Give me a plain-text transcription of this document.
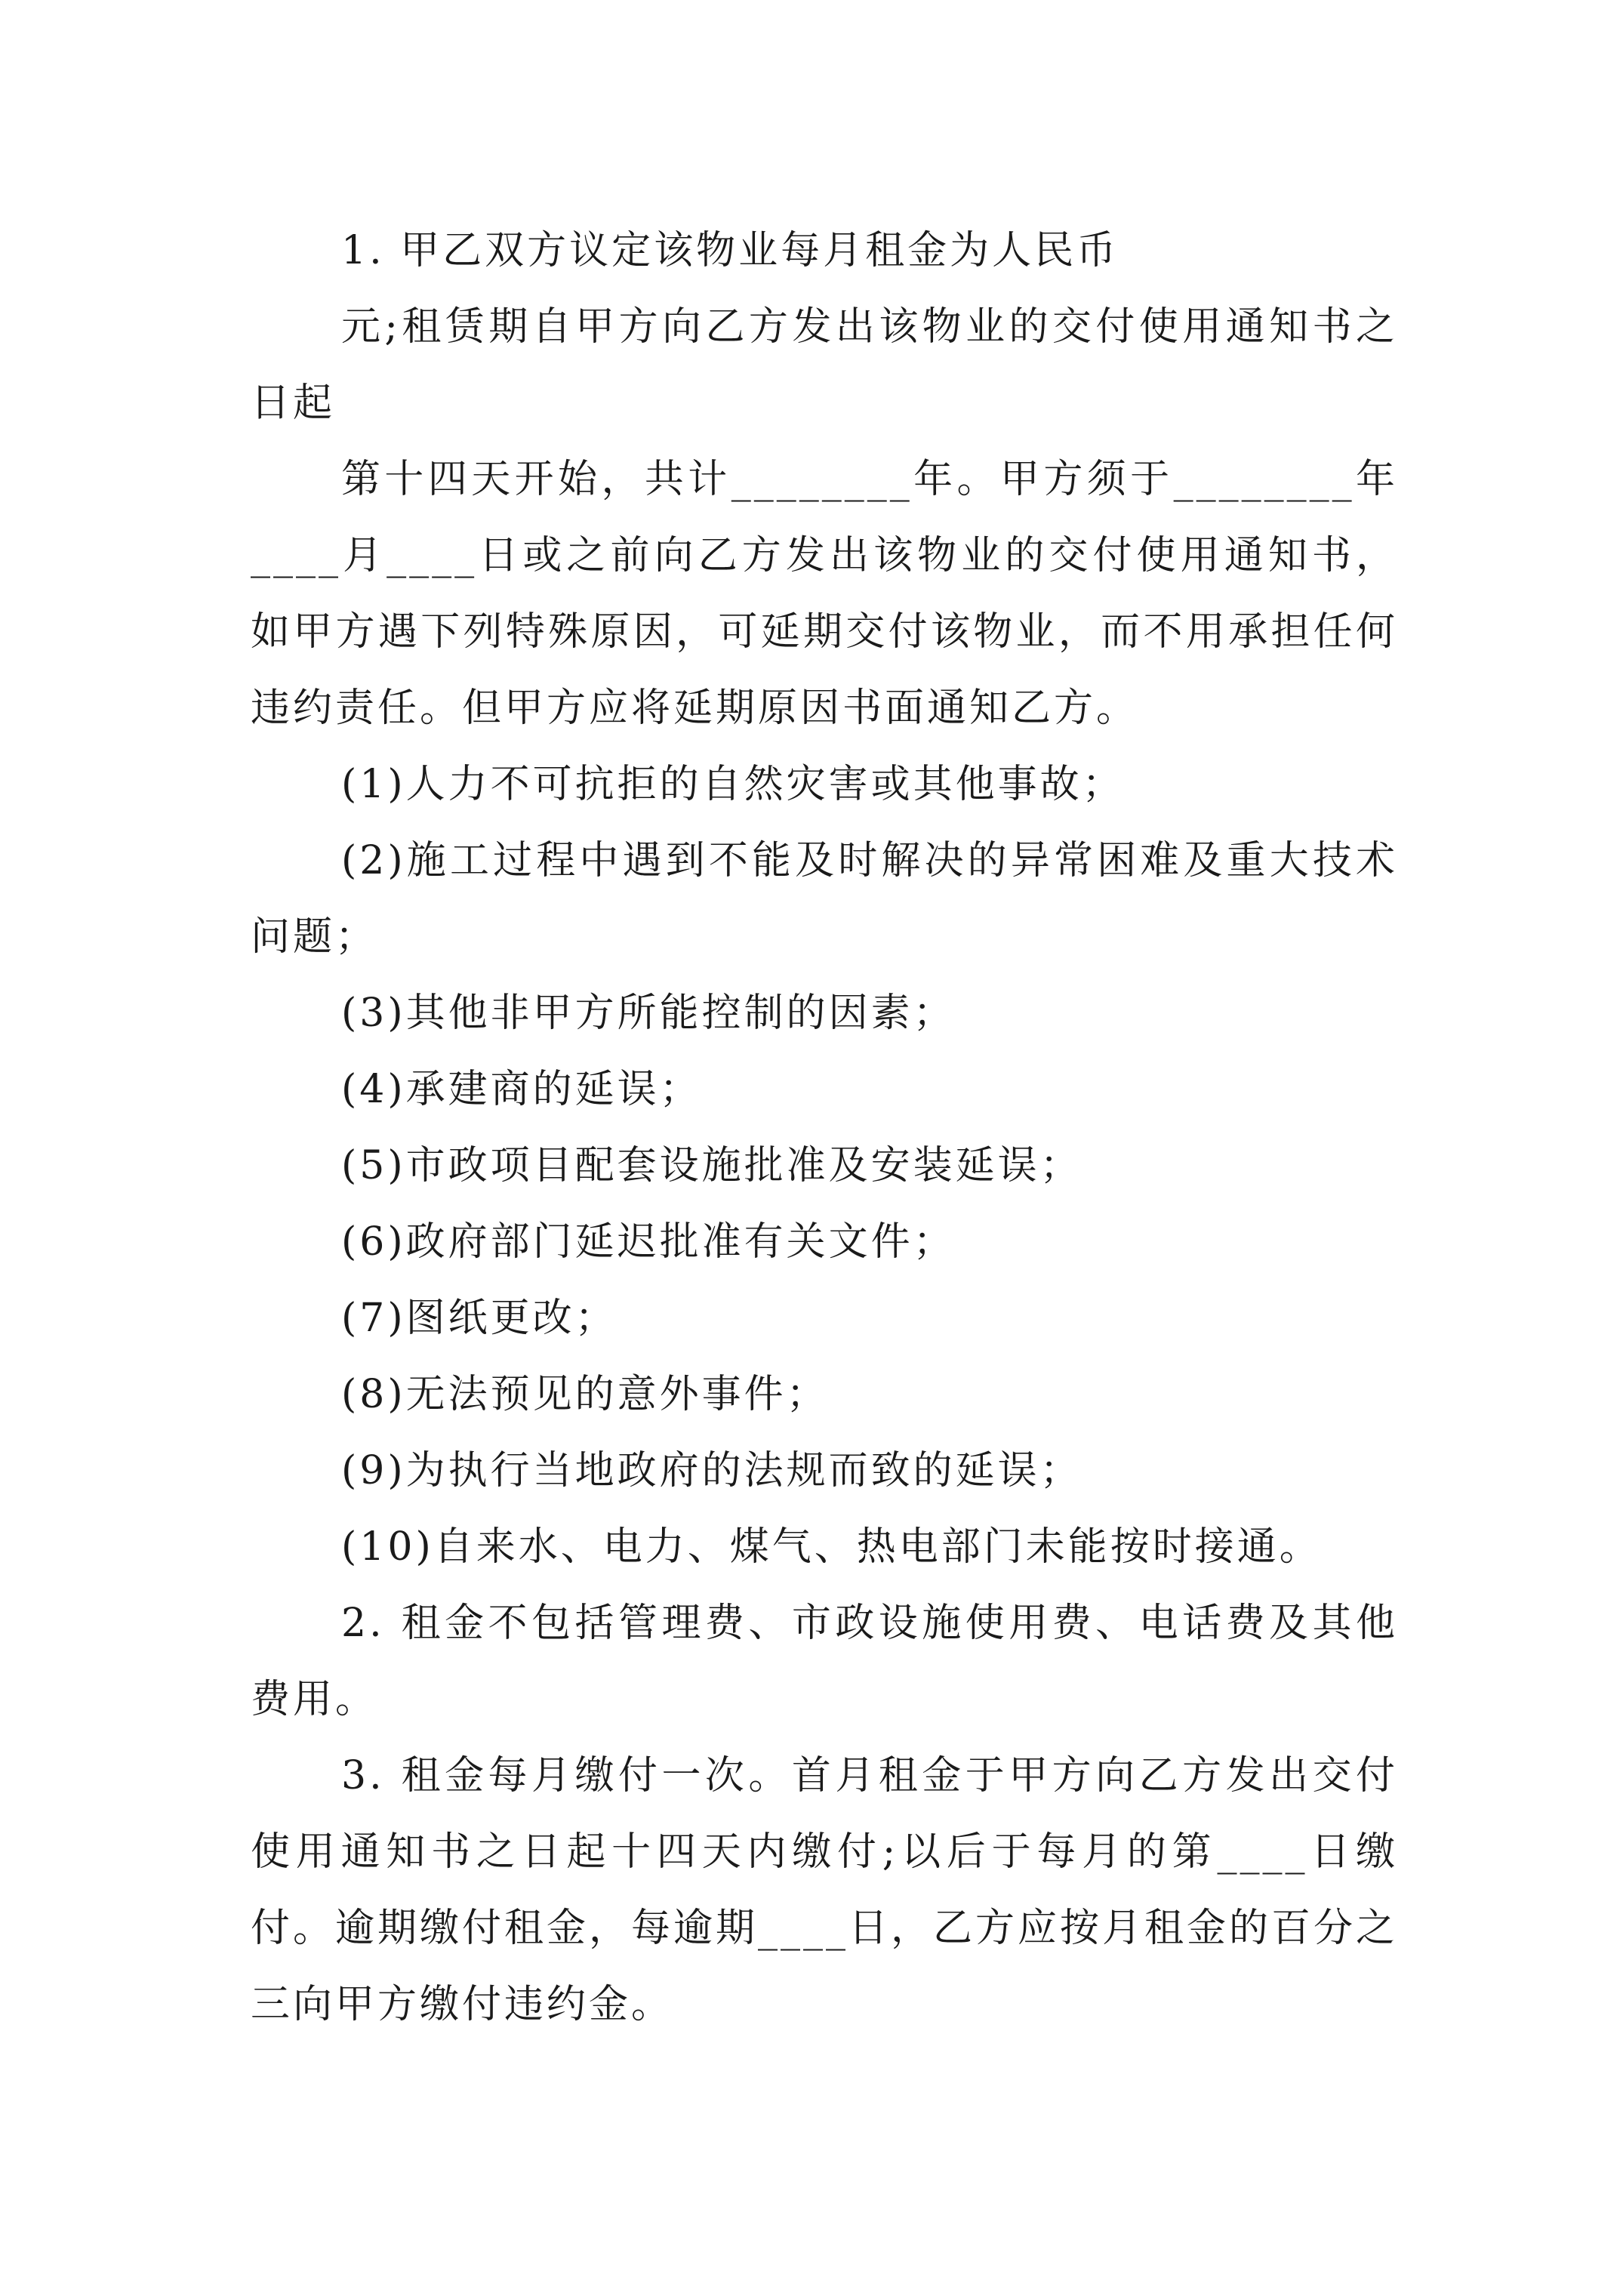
1. 甲乙双方议定该物业每月租金为人民币

元;租赁期自甲方向乙方发出该物业的交付使用通知书之日起

第十四天开始，共计________年。甲方须于________年____月____日或之前向乙方发出该物业的交付使用通知书，如甲方遇下列特殊原因，可延期交付该物业，而不用承担任何违约责任。但甲方应将延期原因书面通知乙方。

(1)人力不可抗拒的自然灾害或其他事故；

(2)施工过程中遇到不能及时解决的异常困难及重大技术问题；

(3)其他非甲方所能控制的因素；

(4)承建商的延误；

(5)市政项目配套设施批准及安装延误；

(6)政府部门延迟批准有关文件；

(7)图纸更改；

(8)无法预见的意外事件；

(9)为执行当地政府的法规而致的延误；

(10)自来水、电力、煤气、热电部门未能按时接通。

2. 租金不包括管理费、市政设施使用费、电话费及其他费用。

3. 租金每月缴付一次。首月租金于甲方向乙方发出交付使用通知书之日起十四天内缴付;以后于每月的第____日缴付。逾期缴付租金，每逾期____日，乙方应按月租金的百分之三向甲方缴付违约金。
